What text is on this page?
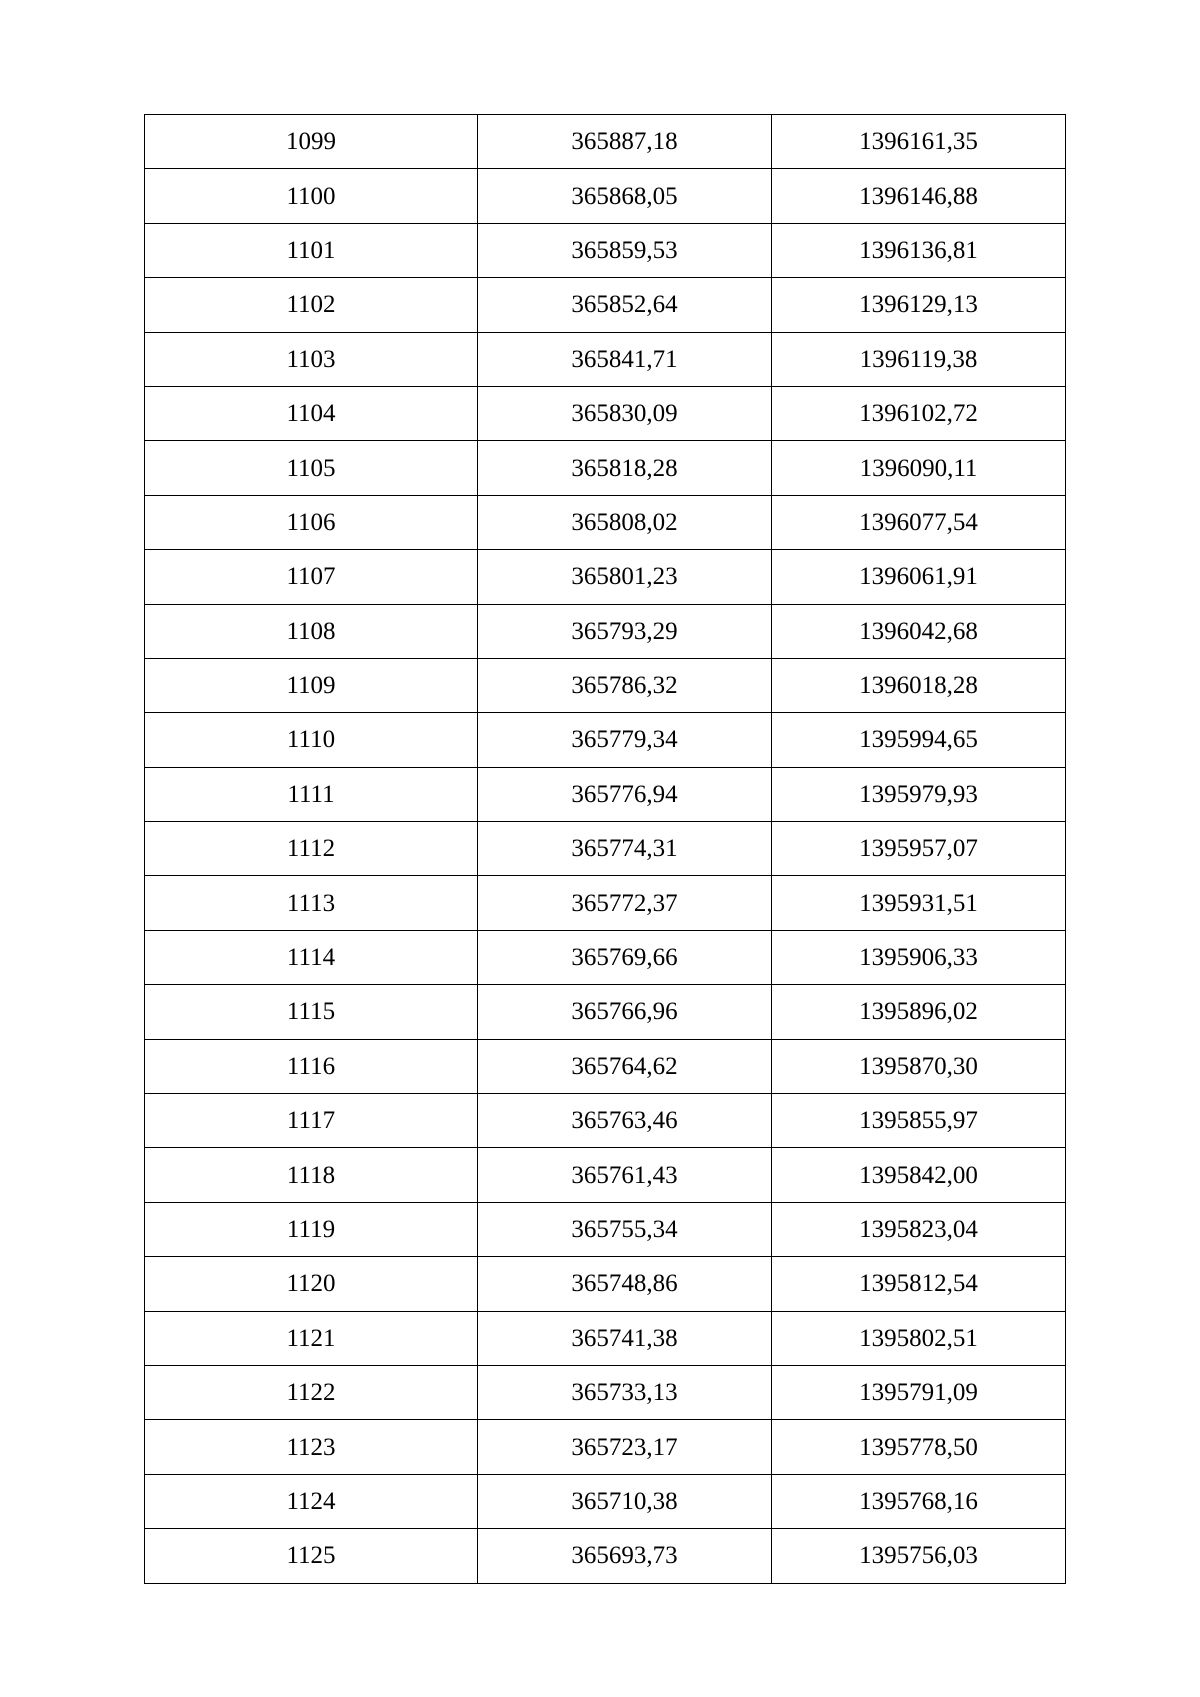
1099	365887,18	1396161,35
1100	365868,05	1396146,88
1101	365859,53	1396136,81
1102	365852,64	1396129,13
1103	365841,71	1396119,38
1104	365830,09	1396102,72
1105	365818,28	1396090,11
1106	365808,02	1396077,54
1107	365801,23	1396061,91
1108	365793,29	1396042,68
1109	365786,32	1396018,28
1110	365779,34	1395994,65
1111	365776,94	1395979,93
1112	365774,31	1395957,07
1113	365772,37	1395931,51
1114	365769,66	1395906,33
1115	365766,96	1395896,02
1116	365764,62	1395870,30
1117	365763,46	1395855,97
1118	365761,43	1395842,00
1119	365755,34	1395823,04
1120	365748,86	1395812,54
1121	365741,38	1395802,51
1122	365733,13	1395791,09
1123	365723,17	1395778,50
1124	365710,38	1395768,16
1125	365693,73	1395756,03
